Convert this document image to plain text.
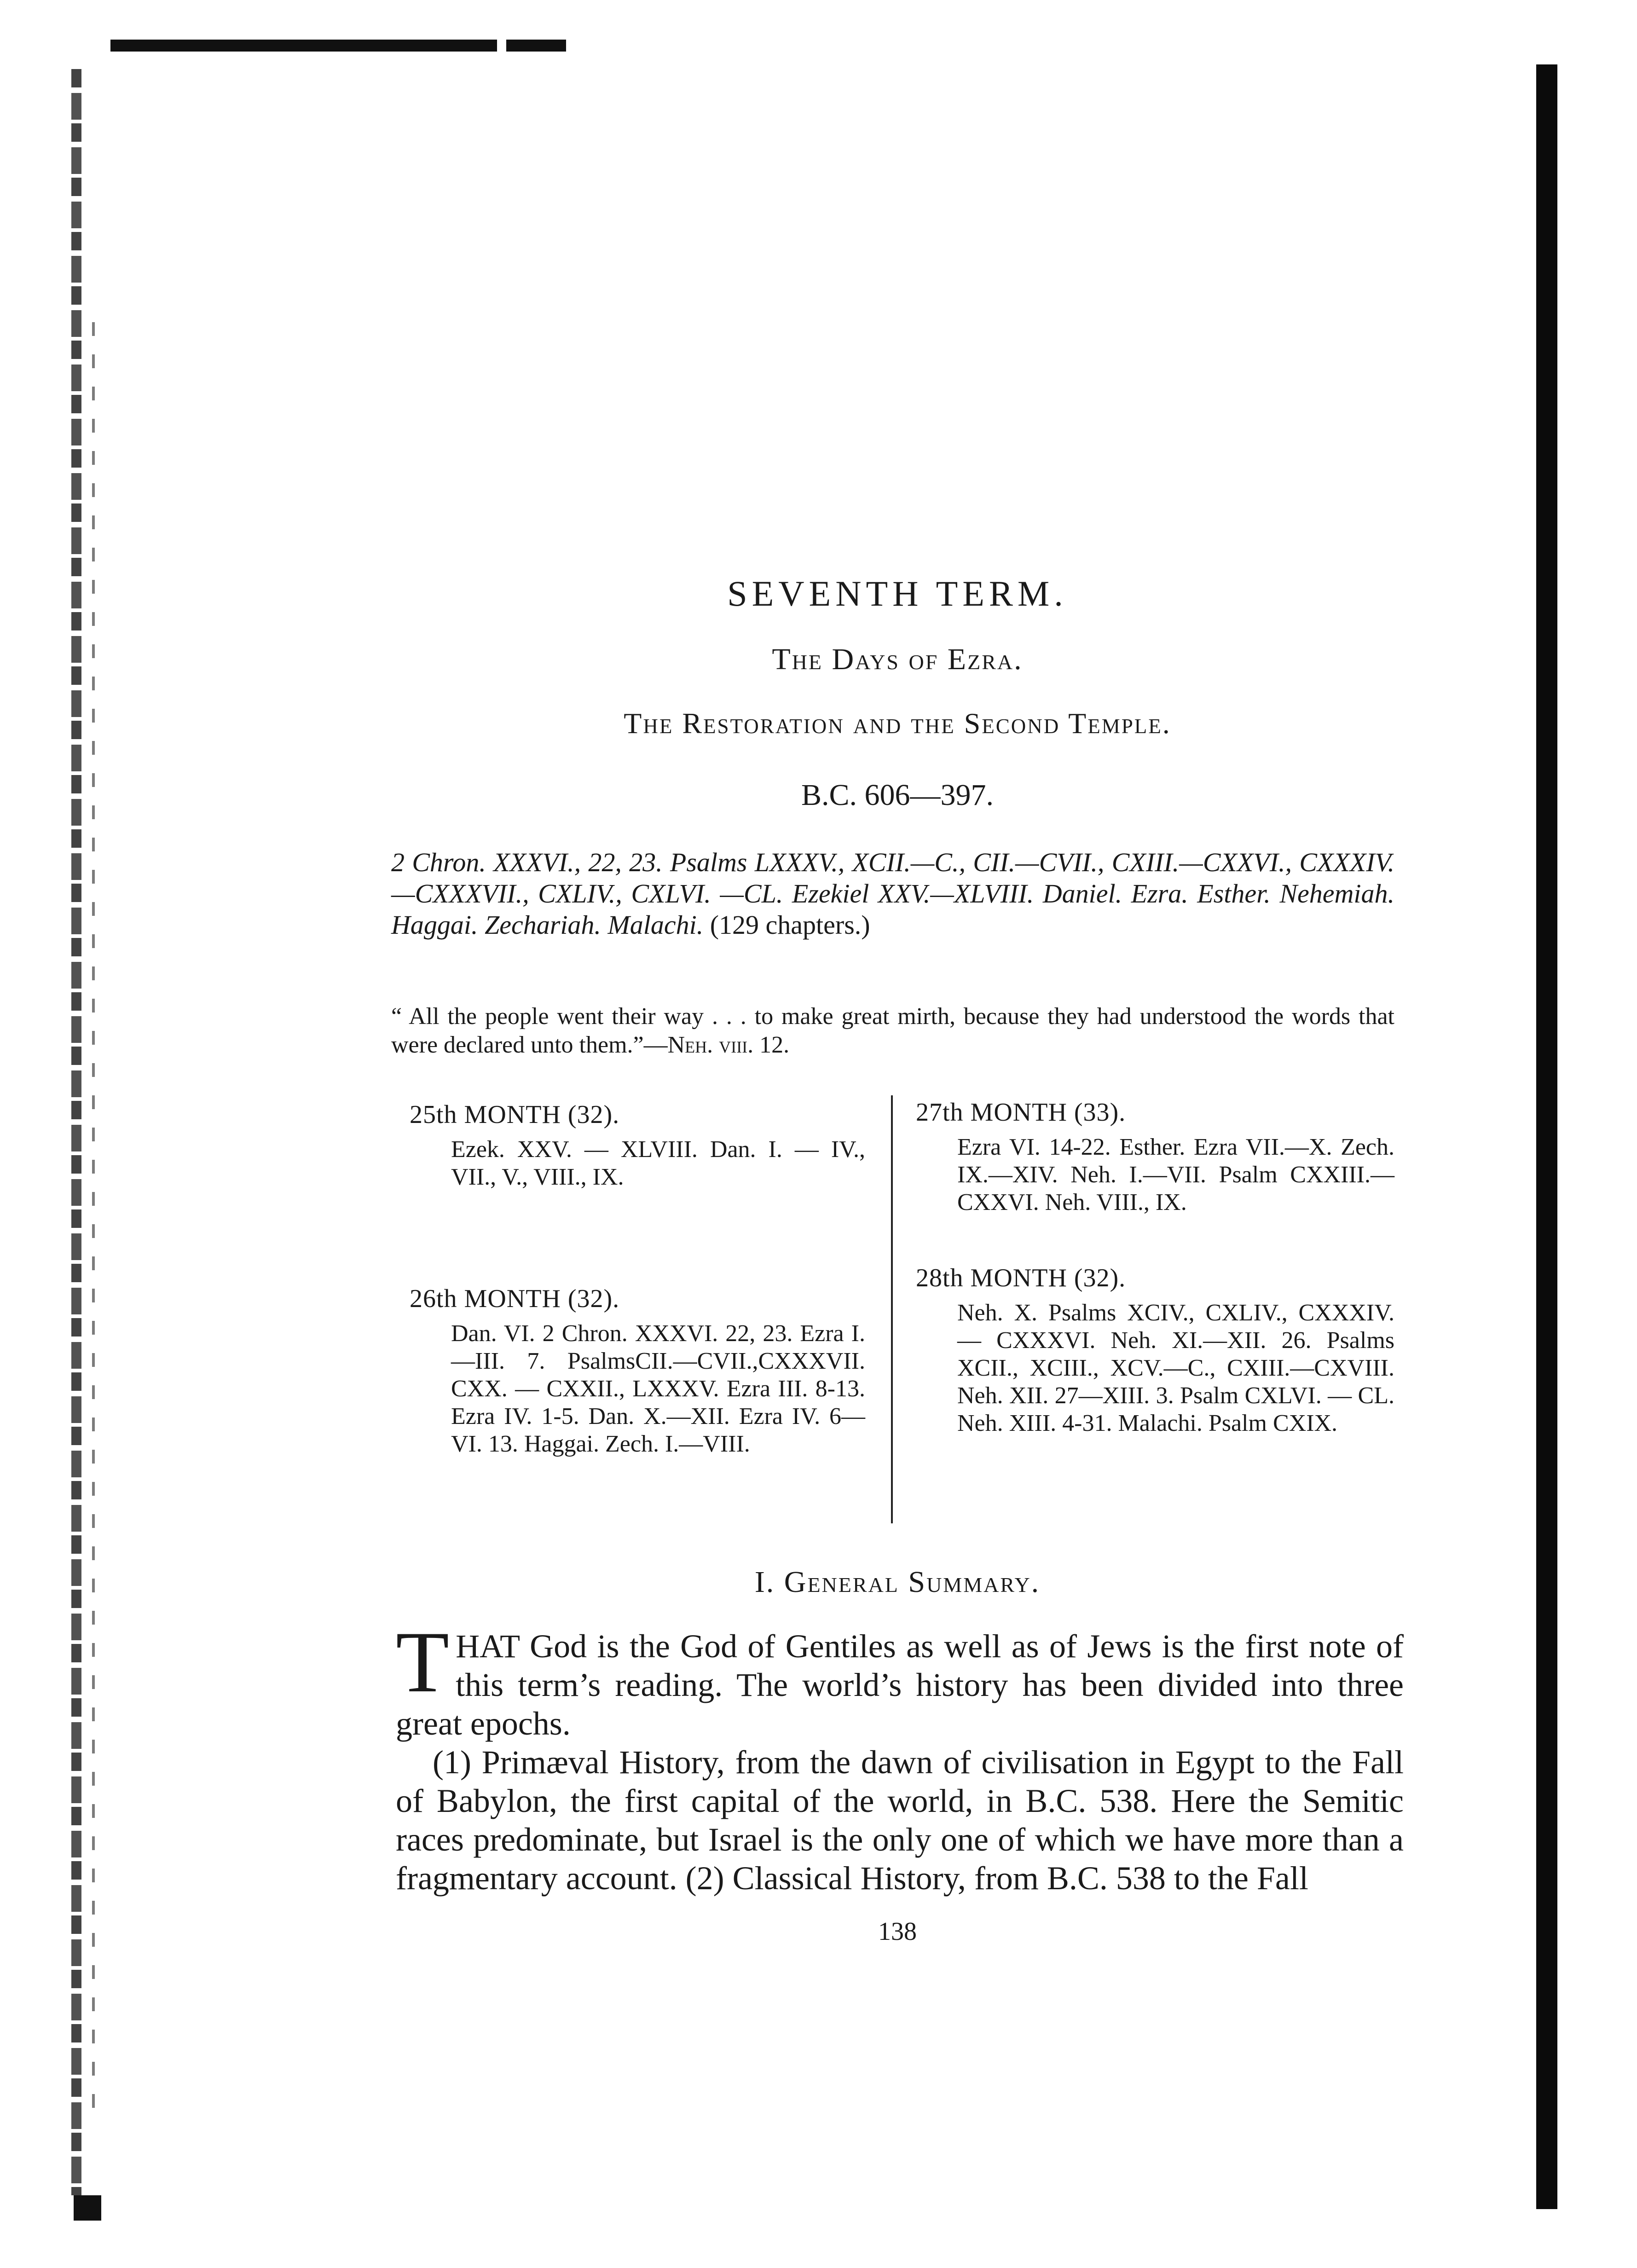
SEVENTH TERM.
The Days of Ezra.
The Restoration and the Second Temple.
B.C. 606—397.
2 Chron. XXXVI., 22, 23. Psalms LXXXV., XCII.—C., CII.—CVII., CXIII.—CXXVI., CXXXIV.—CXXXVII., CXLIV., CXLVI. —CL. Ezekiel XXV.—XLVIII. Daniel. Ezra. Esther. Nehemiah. Haggai. Zechariah. Malachi. (129 chapters.)
“ All the people went their way . . . to make great mirth, because they had understood the words that were declared unto them.”—Neh. viii. 12.
25th MONTH (32).
Ezek. XXV. — XLVIII. Dan. I. — IV., VII., V., VIII., IX.
26th MONTH (32).
Dan. VI. 2 Chron. XXXVI. 22, 23. Ezra I.—III. 7. PsalmsCII.—CVII.,CXXXVII. CXX. — CXXII., LXXXV. Ezra III. 8-13. Ezra IV. 1-5. Dan. X.—XII. Ezra IV. 6—VI. 13. Haggai. Zech. I.—VIII.
27th MONTH (33).
Ezra VI. 14-22. Esther. Ezra VII.—X. Zech. IX.—XIV. Neh. I.—VII. Psalm CXXIII.— CXXVI. Neh. VIII., IX.
28th MONTH (32).
Neh. X. Psalms XCIV., CXLIV., CXXXIV. — CXXXVI. Neh. XI.—XII. 26. Psalms XCII., XCIII., XCV.—C., CXIII.—CXVIII. Neh. XII. 27—XIII. 3. Psalm CXLVI. — CL. Neh. XIII. 4-31. Malachi. Psalm CXIX.
I. General Summary.

THAT God is the God of Gentiles as well as of Jews is the first note of this term’s reading. The world’s history has been divided into three great epochs.

(1) Primæval History, from the dawn of civilisation in Egypt to the Fall of Babylon, the first capital of the world, in B.C. 538. Here the Semitic races predominate, but Israel is the only one of which we have more than a fragmentary account. (2) Classical History, from B.C. 538 to the Fall

138
